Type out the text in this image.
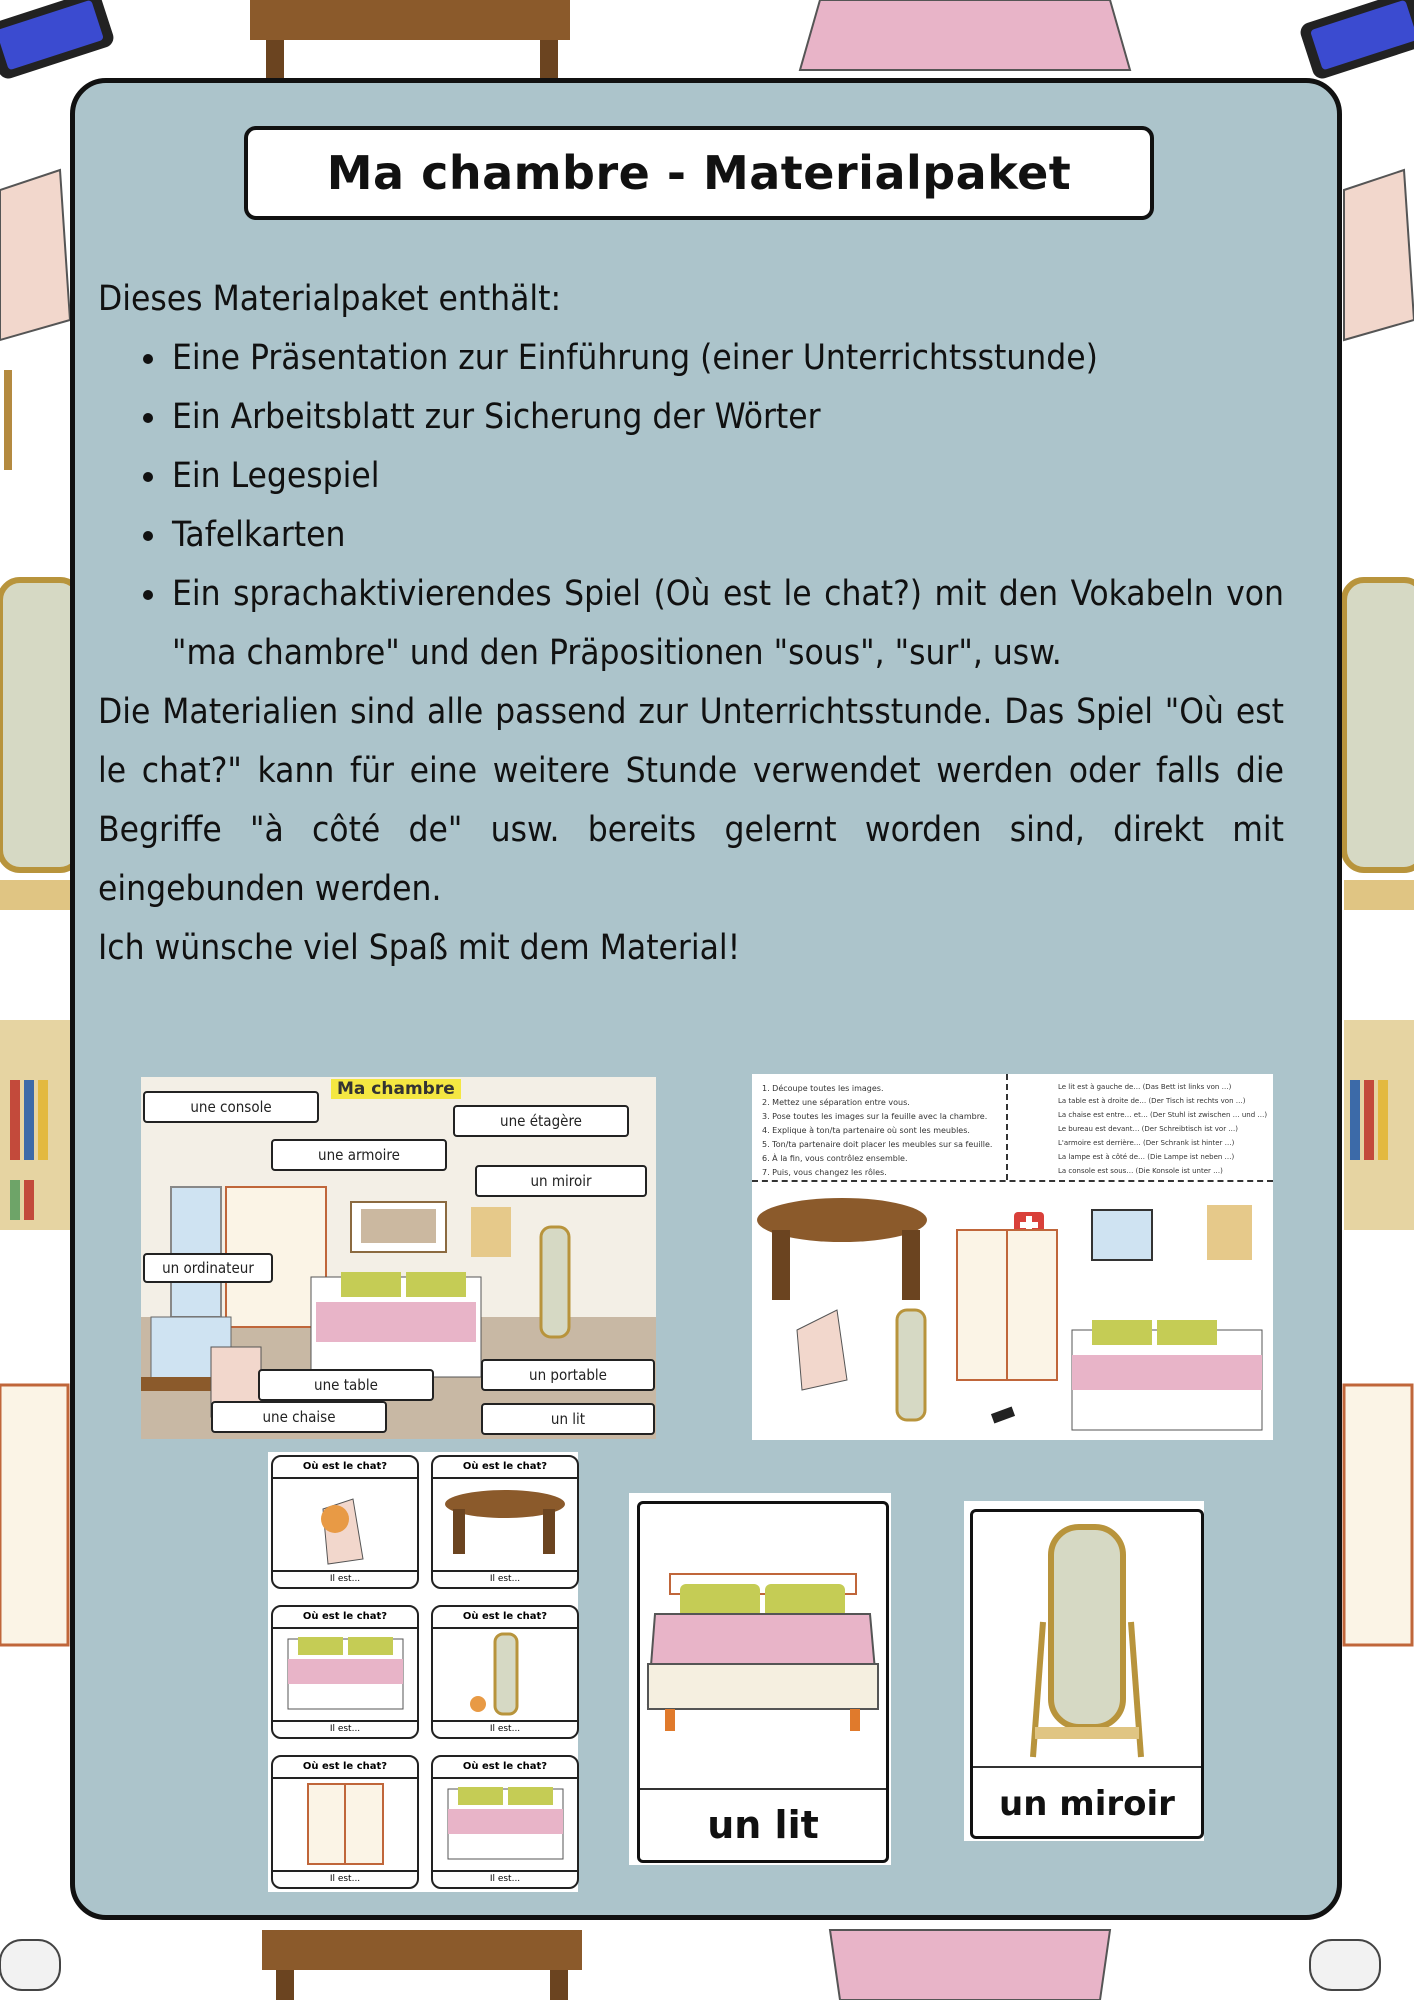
Ma chambre - Materialpaket
Dieses Materialpaket enthält:
• Eine Präsentation zur Einführung (einer Unterrichtsstunde)
• Ein Arbeitsblatt zur Sicherung der Wörter
• Ein Legespiel
• Tafelkarten
• Ein sprachaktivierendes Spiel (Où est le chat?) mit den Vokabeln von "ma chambre" und den Präpositionen "sous", "sur", usw.
Die Materialien sind alle passend zur Unterrichtsstunde. Das Spiel "Où est le chat?" kann für eine weitere Stunde verwendet werden oder falls die Begriffe "à côté de" usw. bereits gelernt worden sind, direkt mit eingebunden werden.
Ich wünsche viel Spaß mit dem Material!
Ma chambre
une console
une étagère
une armoire
un miroir
un ordinateur
un portable
une table
une chaise	un lit
1. Découpe toutes les images.
2. Mettez une séparation entre vous.
3. Pose toutes les images sur la feuille avec la chambre.
4. Explique à ton/ta partenaire où sont les meubles.
5. Ton/ta partenaire doit placer les meubles sur sa feuille.
6. À la fin, vous contrôlez ensemble.
7. Puis, vous changez les rôles.
Le lit est à gauche de… (Das Bett ist links von …)
La table est à droite de… (Der Tisch ist rechts von …)
La chaise est entre… et… (Der Stuhl ist zwischen … und …)
Le bureau est devant… (Der Schreibtisch ist vor …)
L'armoire est derrière… (Der Schrank ist hinter …)
La lampe est à côté de… (Die Lampe ist neben …)
La console est sous… (Die Konsole ist unter …)
Où est le chat?
Il est...
Où est le chat?
Il est...
Où est le chat?
Il est...
Où est le chat?
Il est...
Où est le chat?
Il est...
Où est le chat?
Il est...
un lit	un miroir
